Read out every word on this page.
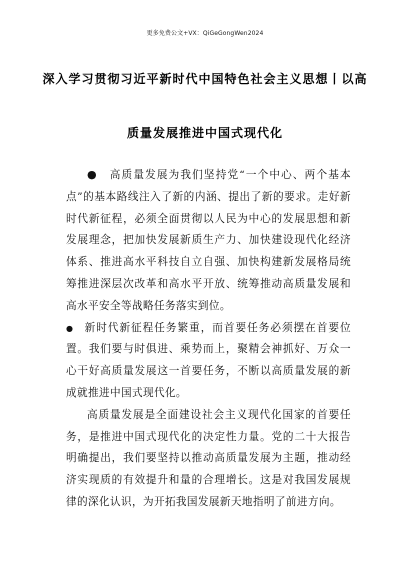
更多免费公文+VX：QiGeGongWen2024
深入学习贯彻习近平新时代中国特色社会主义思想丨以高
质量发展推进中国式现代化

● 高质量发展为我们坚持党“一个中心、两个基本点”的基本路线注入了新的内涵、提出了新的要求。走好新时代新征程，必须全面贯彻以人民为中心的发展思想和新发展理念，把加快发展新质生产力、加快建设现代化经济体系、推进高水平科技自立自强、加快构建新发展格局统筹推进深层次改革和高水平开放、统筹推动高质量发展和高水平安全等战略任务落实到位。

● 新时代新征程任务繁重，而首要任务必须摆在首要位置。我们要与时俱进、乘势而上，聚精会神抓好、万众一心干好高质量发展这一首要任务，不断以高质量发展的新成就推进中国式现代化。

高质量发展是全面建设社会主义现代化国家的首要任务，是推进中国式现代化的决定性力量。党的二十大报告明确提出，我们要坚持以推动高质量发展为主题，推动经济实现质的有效提升和量的合理增长。这是对我国发展规律的深化认识，为开拓我国发展新天地指明了前进方向。
